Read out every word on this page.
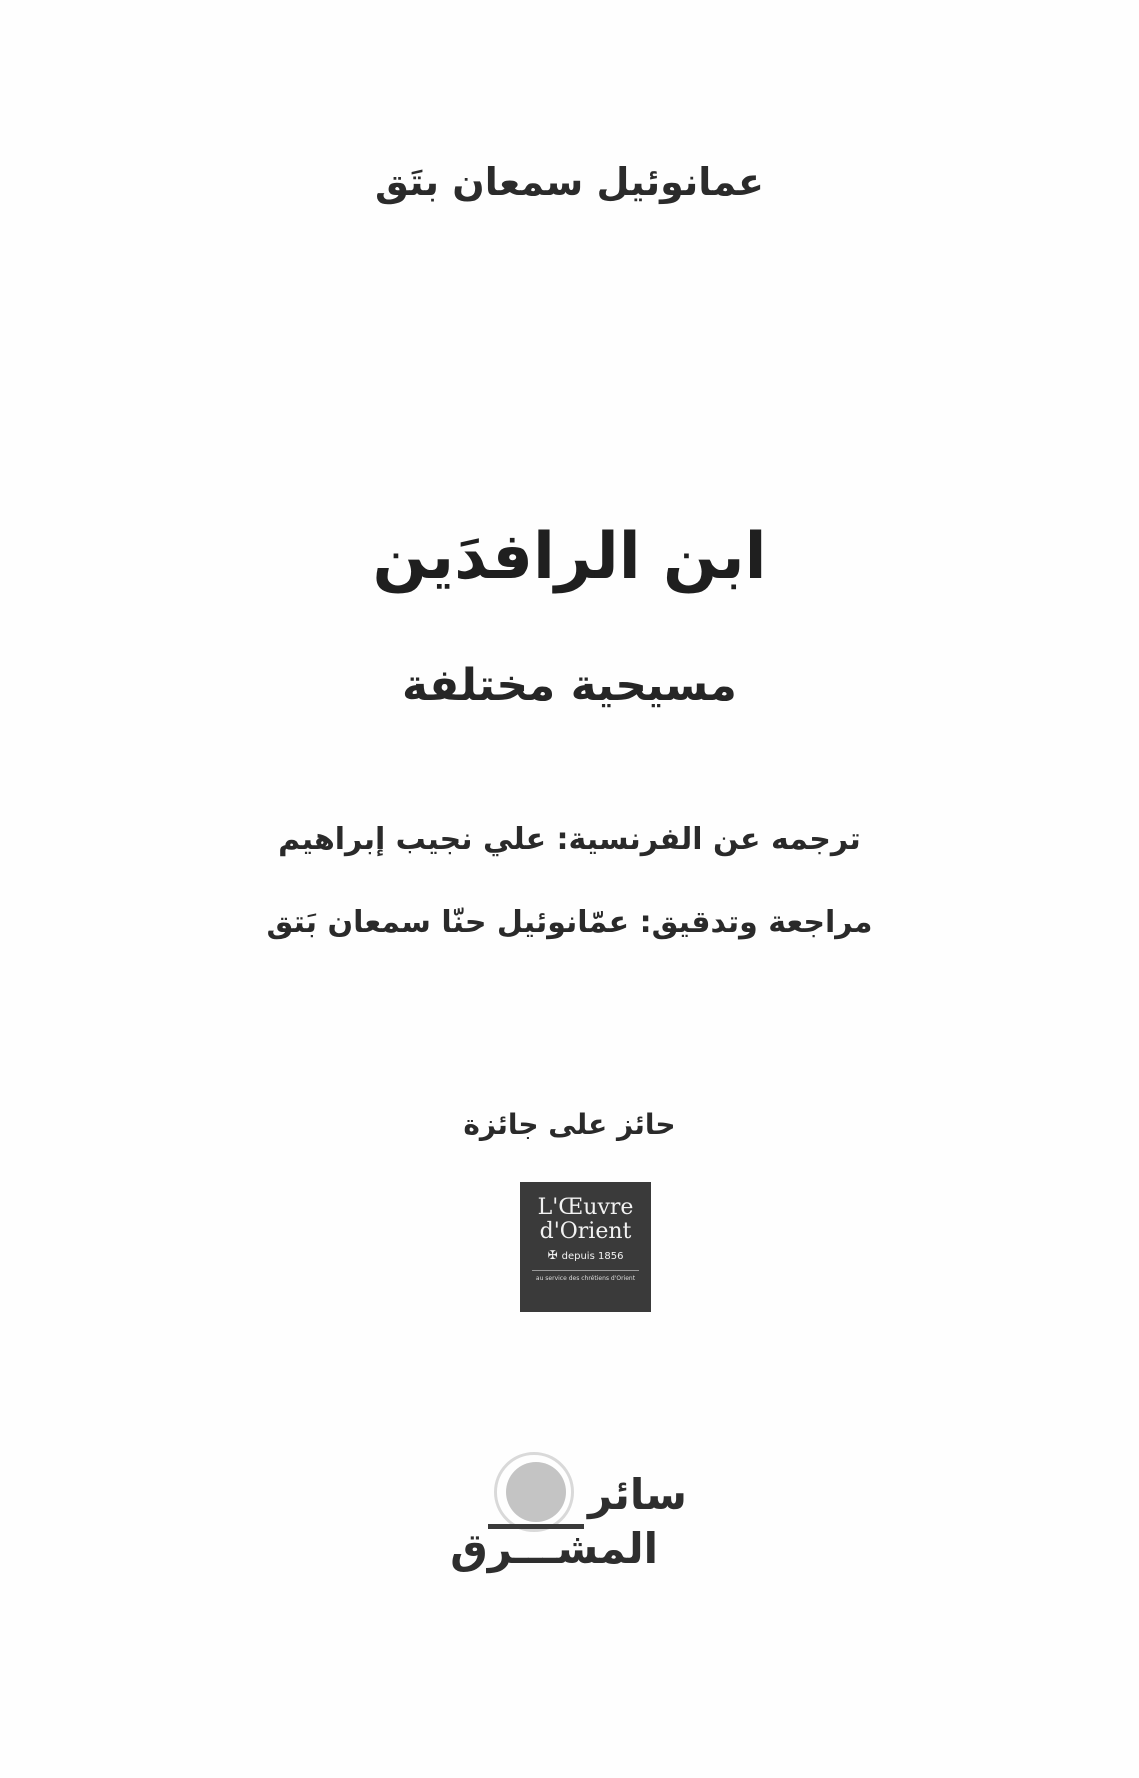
عمانوئيل سمعان بتَق
ابن الرافدَين
مسيحية مختلفة
ترجمه عن الفرنسية: علي نجيب إبراهيم
مراجعة وتدقيق: عمّانوئيل حنّا سمعان بَتق
حائز على جائزة
L'Œuvre
d'Orient
✠ depuis 1856
au service des chrétiens d'Orient
سائر
المشـــرق
